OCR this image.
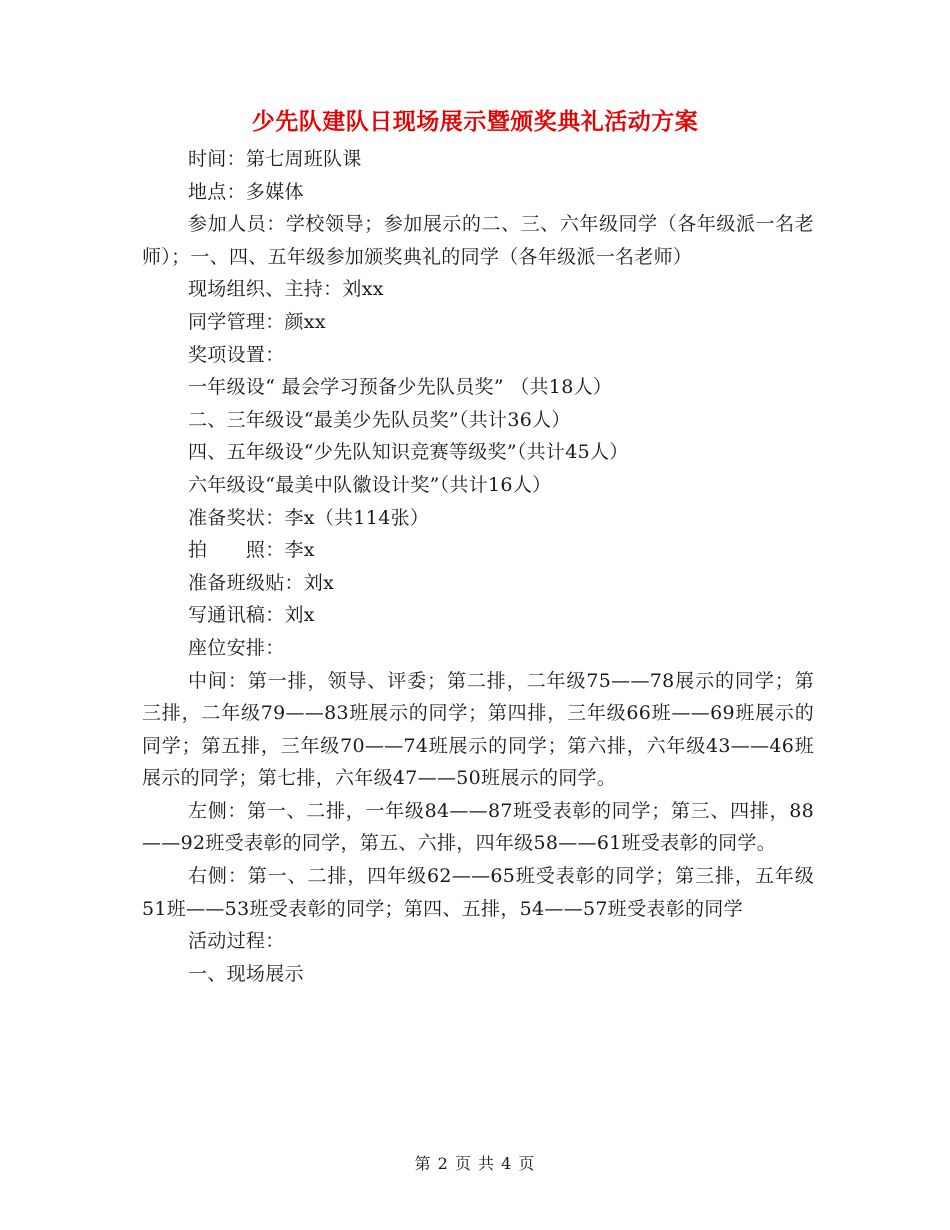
少先队建队日现场展示暨颁奖典礼活动方案

时间：第七周班队课

地点：多媒体

参加人员：学校领导；参加展示的二、三、六年级同学（各年级派一名老师）；一、四、五年级参加颁奖典礼的同学（各年级派一名老师）

现场组织、主持：刘xx

同学管理：颜xx

奖项设置：

一年级设“ 最会学习预备少先队员奖” （共18人）

二、三年级设“最美少先队员奖”（共计36人）

四、五年级设“少先队知识竞赛等级奖”（共计45人）

六年级设“最美中队徽设计奖”（共计16人）

准备奖状：李x（共114张）

拍　　照：李x

准备班级贴：刘x

写通讯稿：刘x

座位安排：

中间：第一排，领导、评委；第二排，二年级75——78展示的同学；第三排，二年级79——83班展示的同学；第四排，三年级66班——69班展示的同学；第五排，三年级70——74班展示的同学；第六排，六年级43——46班展示的同学；第七排，六年级47——50班展示的同学。

左侧：第一、二排，一年级84——87班受表彰的同学；第三、四排，88——92班受表彰的同学，第五、六排，四年级58——61班受表彰的同学。

右侧：第一、二排，四年级62——65班受表彰的同学；第三排，五年级51班——53班受表彰的同学；第四、五排，54——57班受表彰的同学

活动过程：

一、现场展示

第 2 页 共 4 页
